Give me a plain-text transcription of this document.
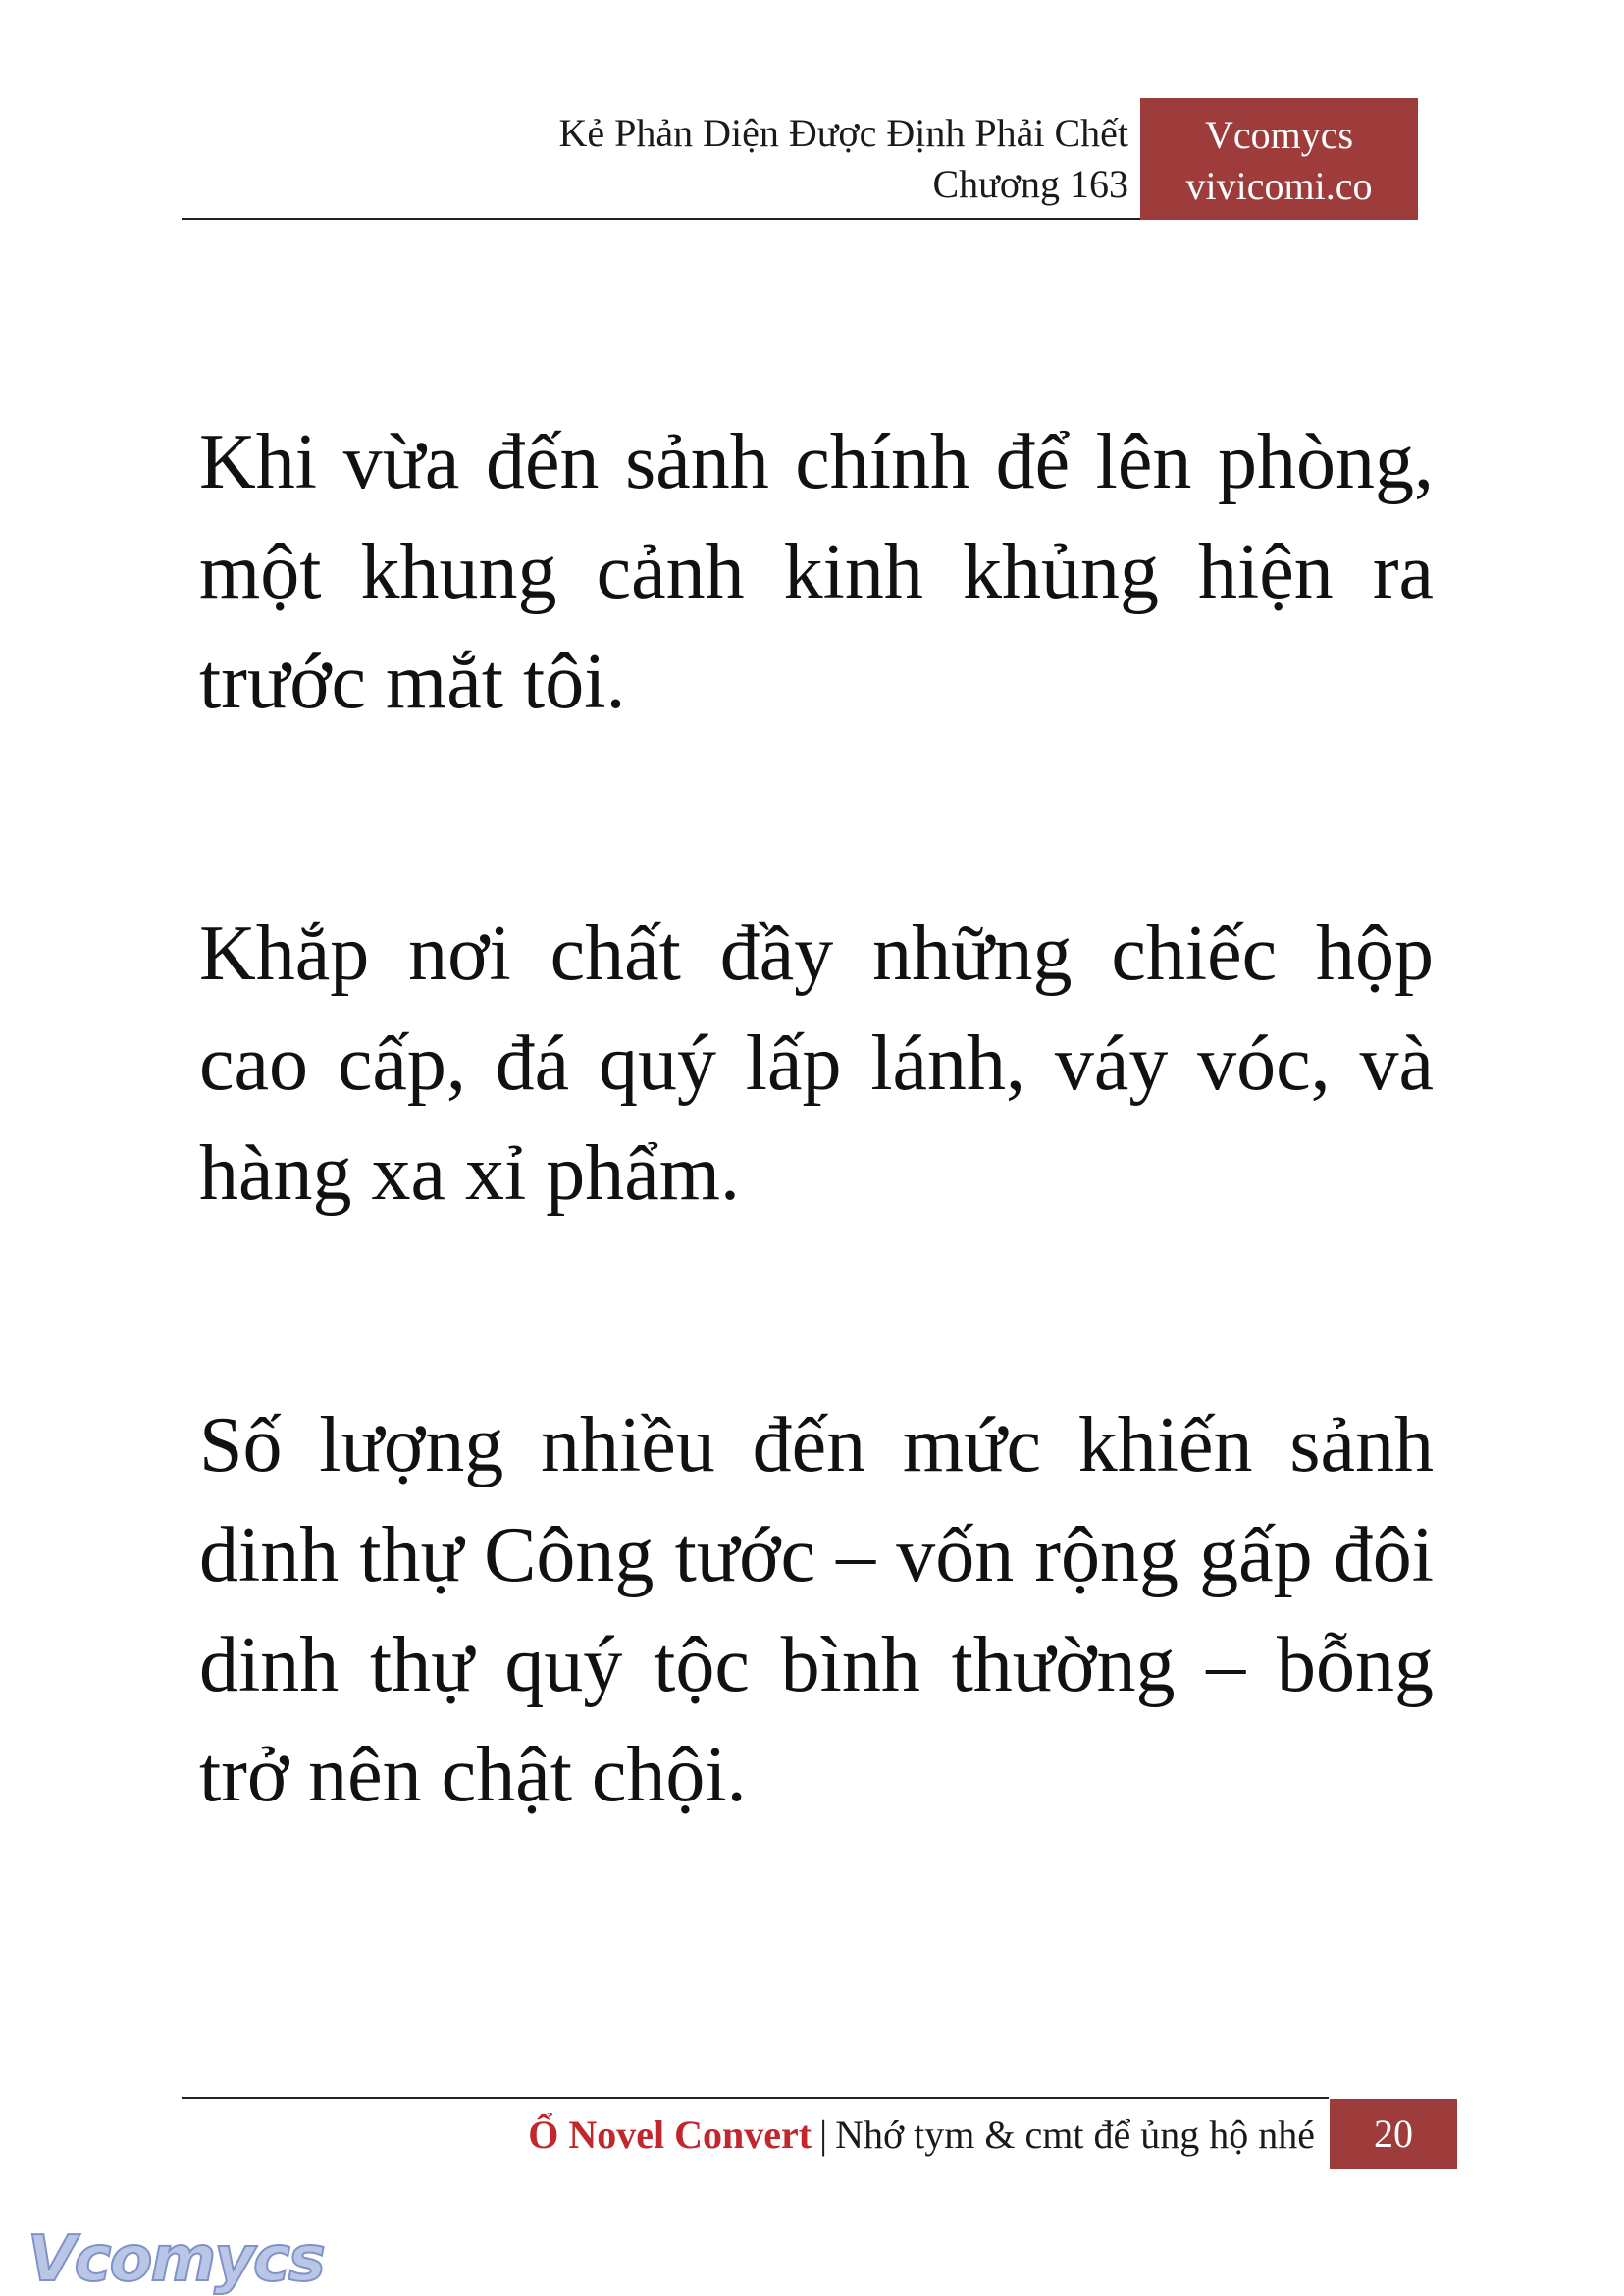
Kẻ Phản Diện Được Định Phải Chết
Chương 163
Vcomycs
vivicomi.co

Khi vừa đến sảnh chính để lên phòng, một khung cảnh kinh khủng hiện ra trước mắt tôi.

Khắp nơi chất đầy những chiếc hộp cao cấp, đá quý lấp lánh, váy vóc, và hàng xa xỉ phẩm.

Số lượng nhiều đến mức khiến sảnh dinh thự Công tước – vốn rộng gấp đôi dinh thự quý tộc bình thường – bỗng trở nên chật chội.

Ổ Novel Convert | Nhớ tym & cmt để ủng hộ nhé	20
Vcomycs
